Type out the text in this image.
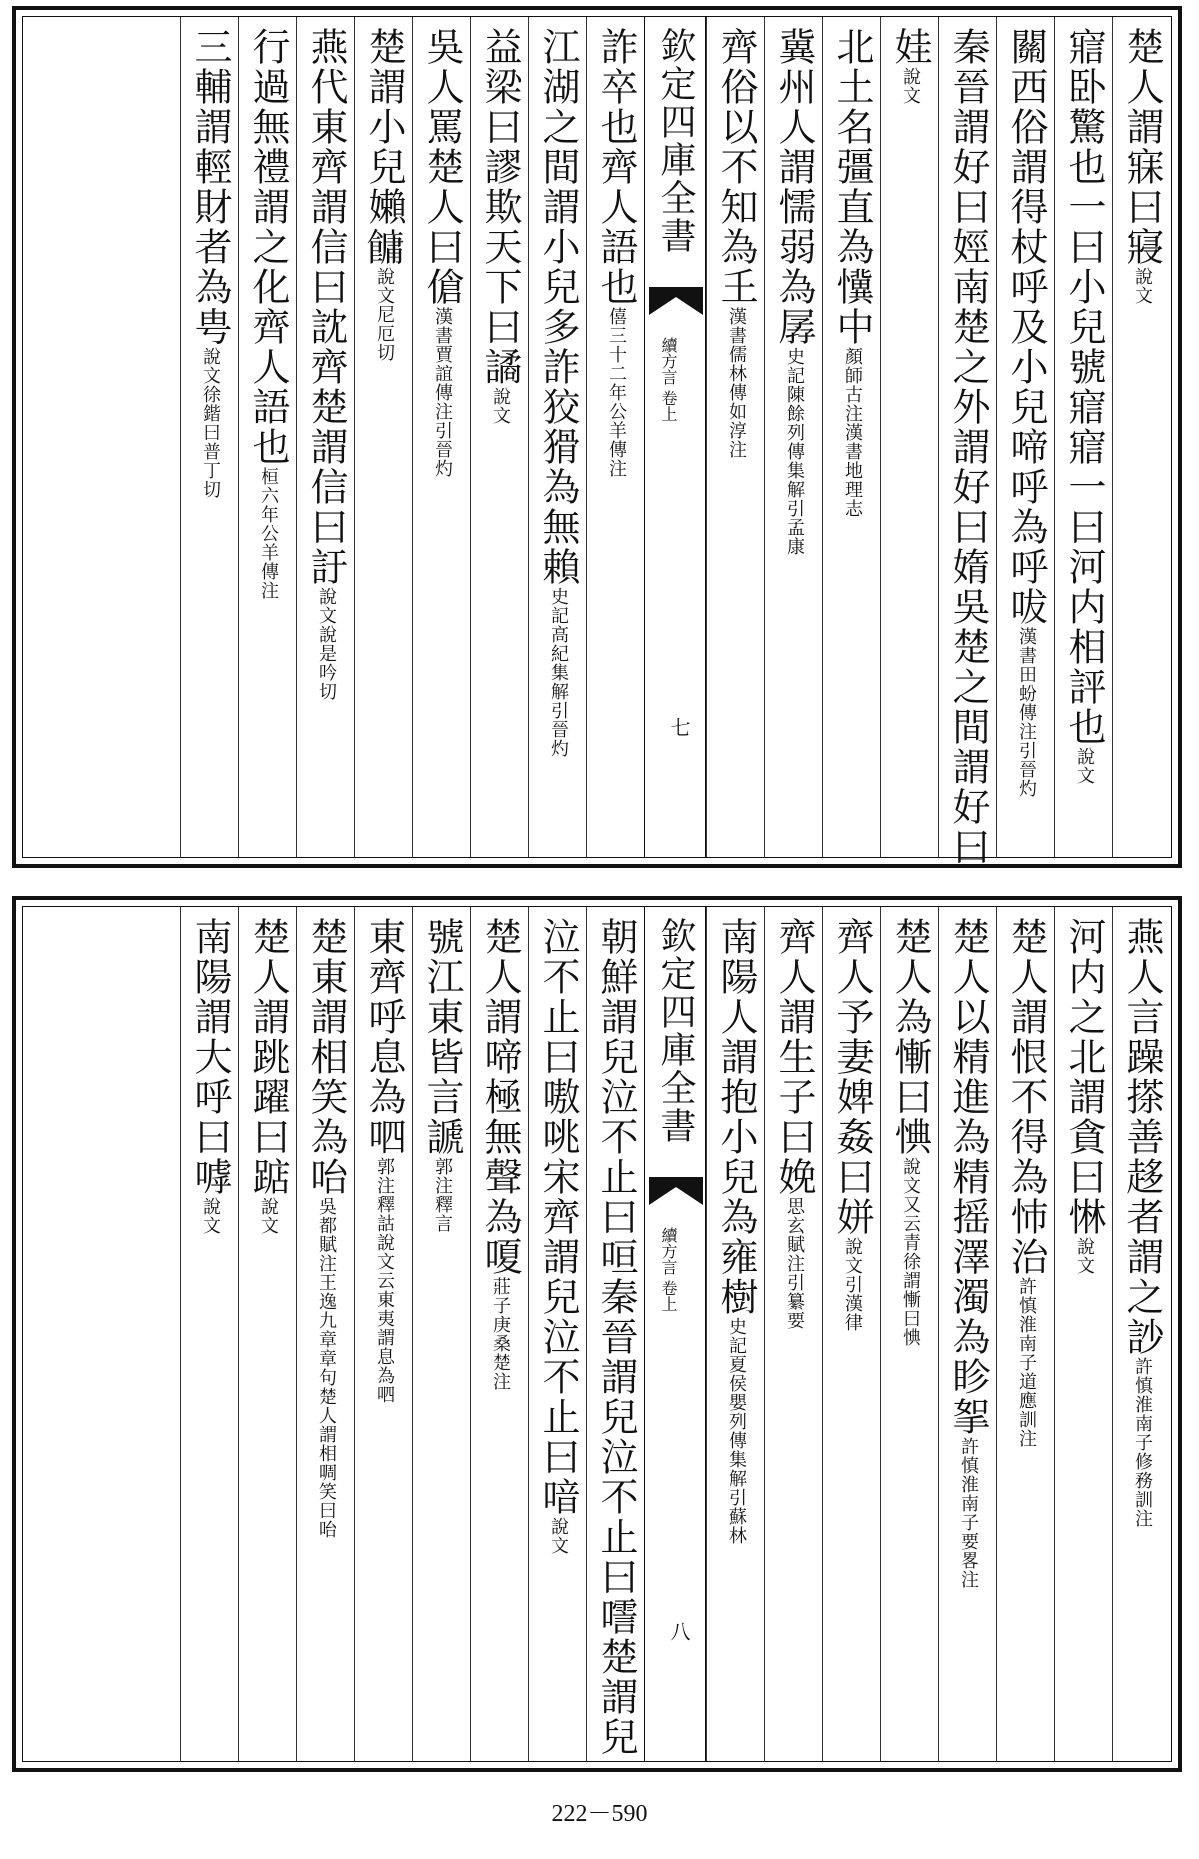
楚人謂寐曰寢說文
寣卧驚也一曰小兒號寣寣一曰河内相評也說文
關西俗謂得杖呼及小兒啼呼為呼㕹漢書田蚡傳注引晉灼
秦晉謂好曰娙南楚之外謂好曰媠吳楚之間謂好曰
娃說文
北土名彊直為懻中顏師古注漢書地理志
冀州人謂懦弱為孱史記陳餘列傳集解引孟康
齊俗以不知為𡈼漢書儒林傳如淳注
欽定四庫全書
續方言 卷上
七
詐卒也齊人語也僖三十二年公羊傳注
江湖之間謂小兒多詐狡猾為無賴史記高紀集解引晉灼
益梁曰謬欺天下曰譎說文
吳人罵楚人曰傖漢書賈誼傳注引晉灼
楚謂小兒嬾𩞋說文尼厄切
燕代東齊謂信曰訦齊楚謂信曰訏說文說是吟切
行過無禮謂之化齊人語也桓六年公羊傳注
三輔謂輕財者為甹說文徐鍇曰普丁切
燕人言躁搽善趍者謂之訬許慎淮南子修務訓注
河内之北謂貪曰惏說文
楚人謂恨不得為㤄治許慎淮南子道應訓注
楚人以精進為精摇澤濁為眕挐許慎淮南子要畧注
楚人為慚曰㥏說文又云青徐謂慚曰㥏
齊人予妻婢姦曰姘說文引漢律
齊人謂生子曰娩思玄賦注引纂要
南陽人謂抱小兒為雍樹史記夏侯嬰列傳集解引蘇林
欽定四庫全書
續方言 卷上
八
朝鮮謂兒泣不止曰咺秦晉謂兒泣不止曰㘊楚謂兒
泣不止曰嗷咷宋齊謂兒泣不止曰喑說文
楚人謂啼極無聲為嗄莊子庚桑楚注
號江東皆言謕郭注釋言
東齊呼息為呬郭注釋詁說文云東夷謂息為呬
楚東謂相笑為咍吳都賦注王逸九章章句楚人謂相啁笑曰咍
楚人謂跳躍曰踮說文
南陽謂大呼曰嘑說文
222－590
